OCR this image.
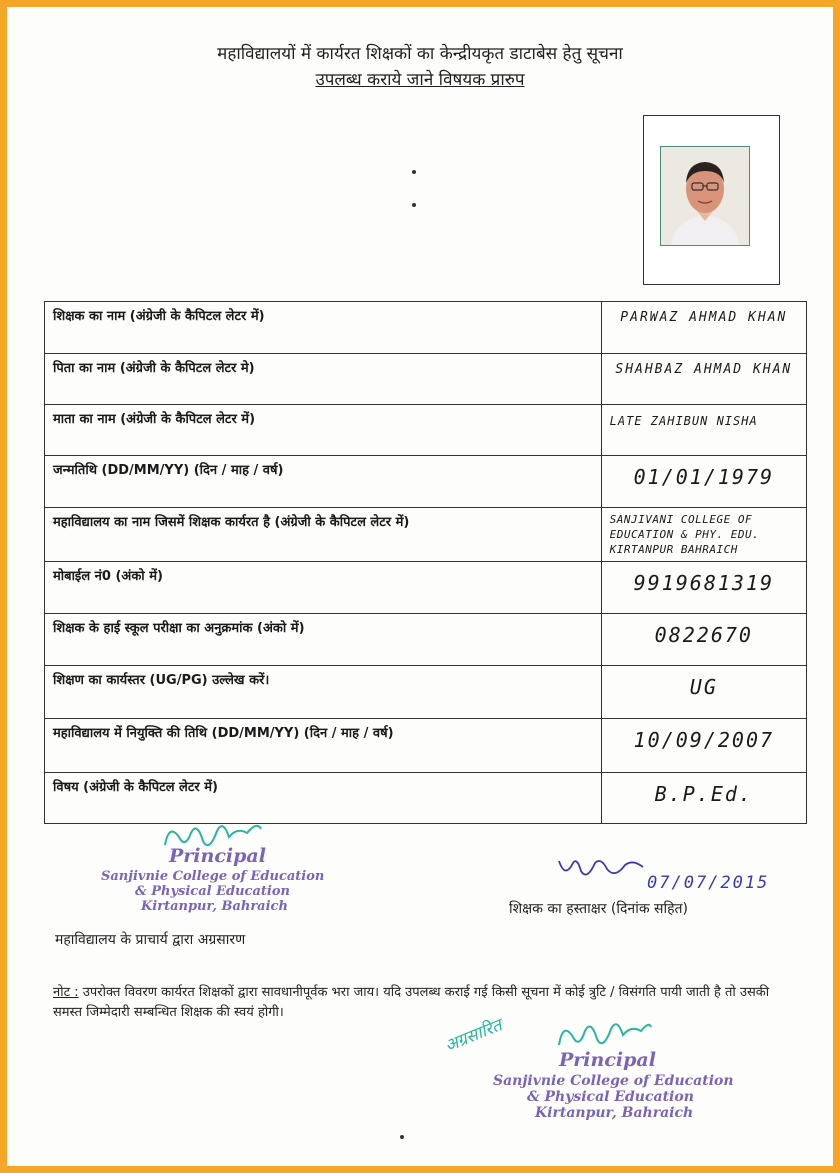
महाविद्यालयों में कार्यरत शिक्षकों का केन्द्रीयकृत डाटाबेस हेतु सूचना
उपलब्ध कराये जाने विषयक प्रारुप
शिक्षक का नाम (अंग्रेजी के कैपिटल लेटर में)	PARWAZ AHMAD KHAN
पिता का नाम (अंग्रेजी के कैपिटल लेटर मे)	SHAHBAZ AHMAD KHAN
माता का नाम (अंग्रेजी के कैपिटल लेटर में)	LATE ZAHIBUN NISHA
जन्मतिथि (DD/MM/YY) (दिन / माह / वर्ष)	01/01/1979
महाविद्यालय का नाम जिसमें शिक्षक कार्यरत है (अंग्रेजी के कैपिटल लेटर में)	SANJIVANI COLLEGE OF EDUCATION & PHY. EDU. KIRTANPUR BAHRAICH
मोबाईल नं0 (अंको में)	9919681319
शिक्षक के हाई स्कूल परीक्षा का अनुक्रमांक (अंको में)	0822670
शिक्षण का कार्यस्तर (UG/PG) उल्लेख करें।	UG
महाविद्यालय में नियुक्ति की तिथि (DD/MM/YY) (दिन / माह / वर्ष)	10/09/2007
विषय (अंग्रेजी के कैपिटल लेटर में)	B.P.Ed.
Principal
Sanjivnie College of Education
& Physical Education
Kirtanpur, Bahraich
महाविद्यालय के प्राचार्य द्वारा अग्रसारण
07/07/2015
शिक्षक का हस्ताक्षर (दिनांक सहित)
नोट : उपरोक्त विवरण कार्यरत शिक्षकों द्वारा सावधानीपूर्वक भरा जाय। यदि उपलब्ध कराई गई किसी सूचना में कोई त्रुटि / विसंगति पायी जाती है तो उसकी समस्त जिम्मेदारी सम्बन्धित शिक्षक की स्वयं होगी।
अग्रसारित
Principal
Sanjivnie College of Education
& Physical Education
Kirtanpur, Bahraich
